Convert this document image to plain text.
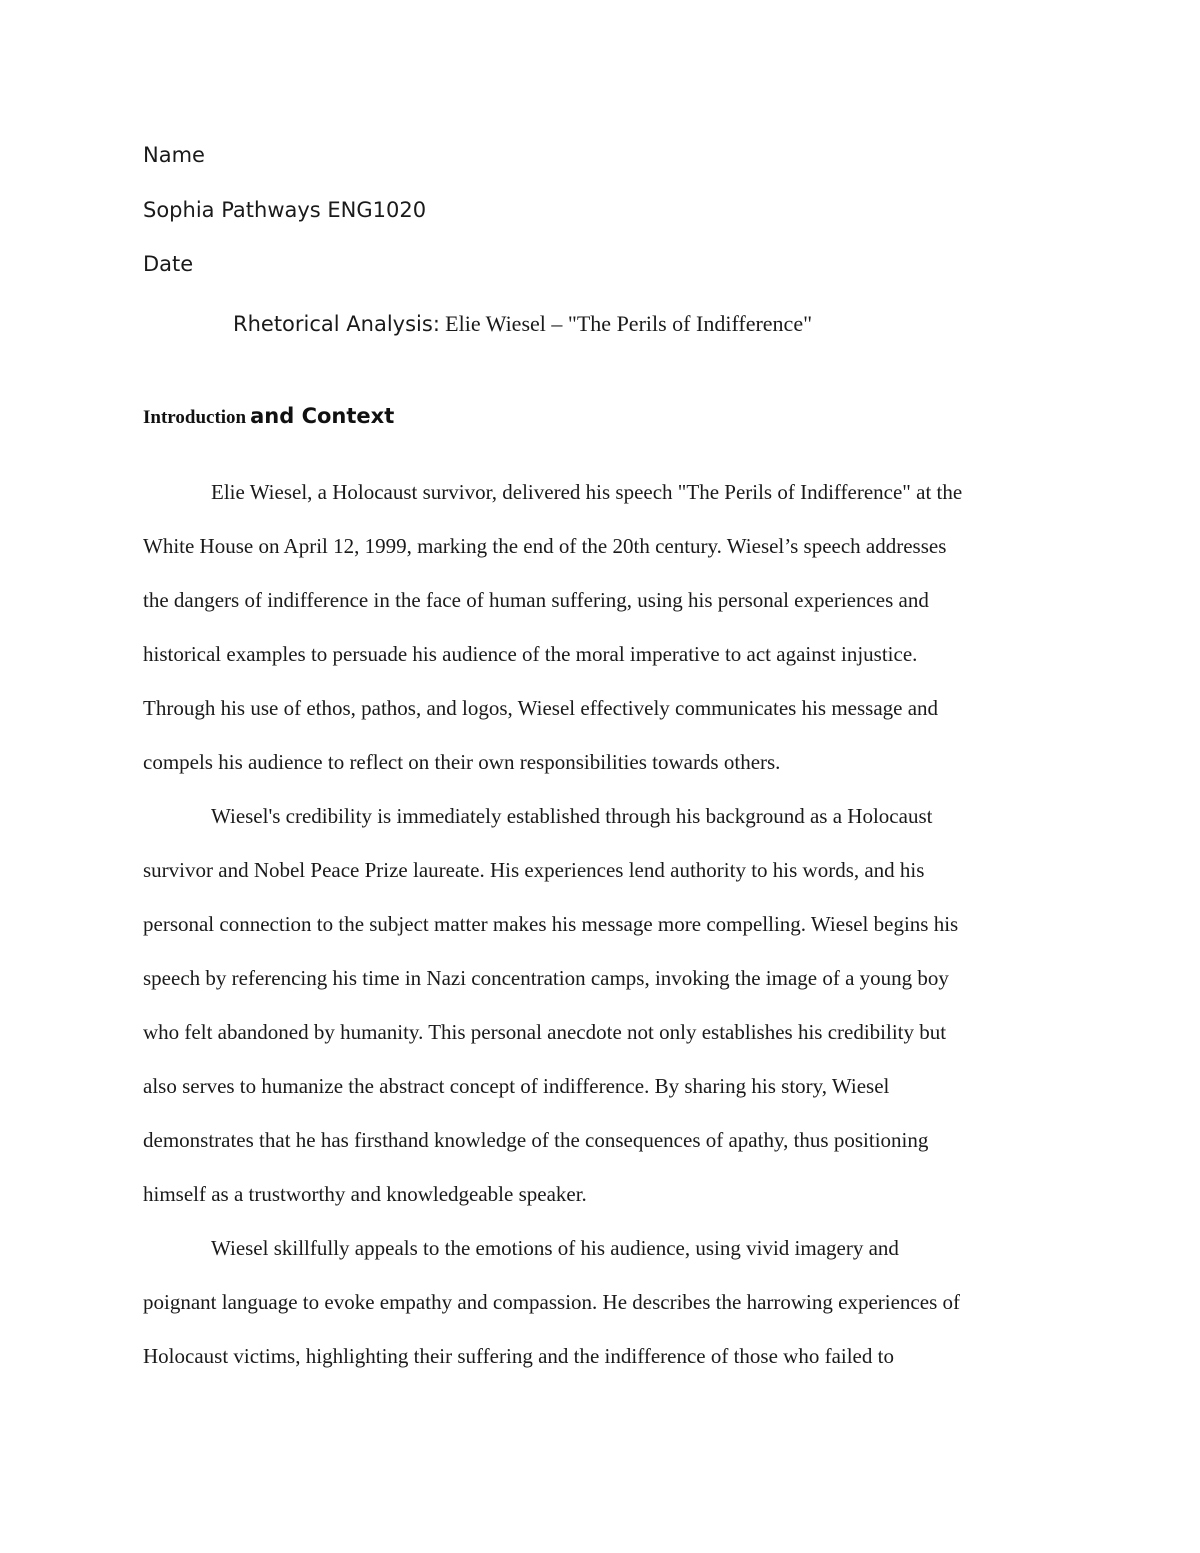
Name
Sophia Pathways ENG1020
Date
Rhetorical Analysis: Elie Wiesel – "The Perils of Indifference"
Introduction and Context
Elie Wiesel, a Holocaust survivor, delivered his speech "The Perils of Indifference" at the
White House on April 12, 1999, marking the end of the 20th century. Wiesel’s speech addresses
the dangers of indifference in the face of human suffering, using his personal experiences and
historical examples to persuade his audience of the moral imperative to act against injustice.
Through his use of ethos, pathos, and logos, Wiesel effectively communicates his message and
compels his audience to reflect on their own responsibilities towards others.
Wiesel's credibility is immediately established through his background as a Holocaust
survivor and Nobel Peace Prize laureate. His experiences lend authority to his words, and his
personal connection to the subject matter makes his message more compelling. Wiesel begins his
speech by referencing his time in Nazi concentration camps, invoking the image of a young boy
who felt abandoned by humanity. This personal anecdote not only establishes his credibility but
also serves to humanize the abstract concept of indifference. By sharing his story, Wiesel
demonstrates that he has firsthand knowledge of the consequences of apathy, thus positioning
himself as a trustworthy and knowledgeable speaker.
Wiesel skillfully appeals to the emotions of his audience, using vivid imagery and
poignant language to evoke empathy and compassion. He describes the harrowing experiences of
Holocaust victims, highlighting their suffering and the indifference of those who failed to
